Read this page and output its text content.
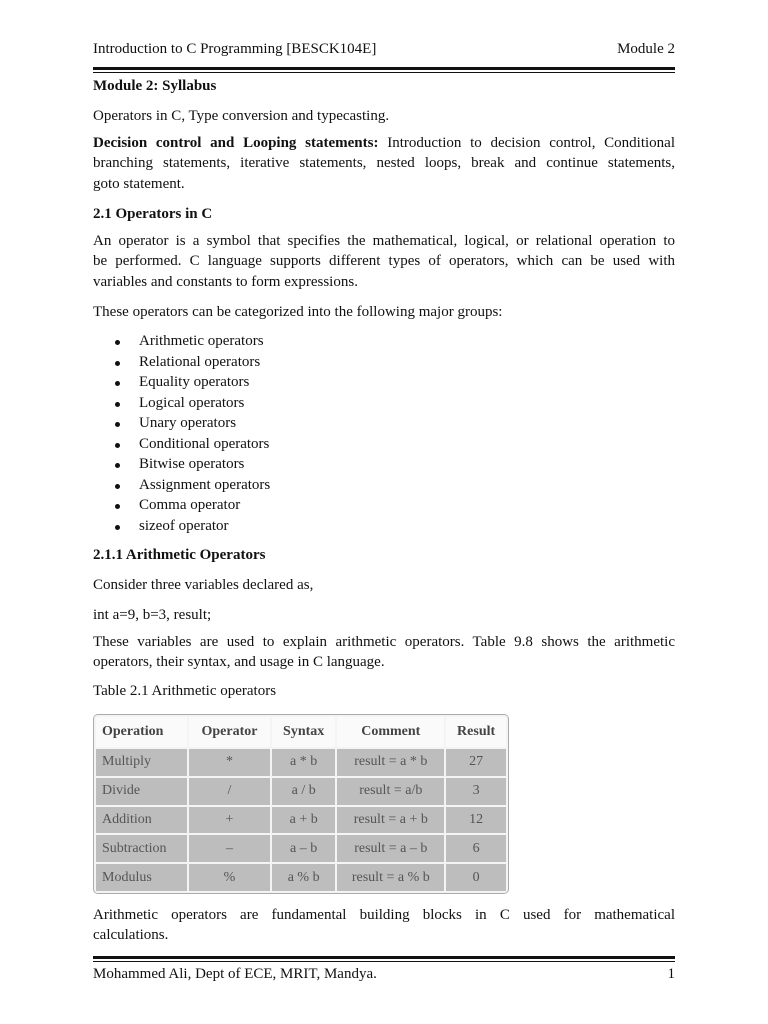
Introduction to C Programming [BESCK104E]	Module 2
Module 2: Syllabus
Operators in C, Type conversion and typecasting.
Decision control and Looping statements: Introduction to decision control, Conditional
branching statements, iterative statements, nested loops, break and continue statements,
goto statement.
2.1 Operators in C
An operator is a symbol that specifies the mathematical, logical, or relational operation to
be performed. C language supports different types of operators, which can be used with
variables and constants to form expressions.
These operators can be categorized into the following major groups:
Arithmetic operators
Relational operators
Equality operators
Logical operators
Unary operators
Conditional operators
Bitwise operators
Assignment operators
Comma operator
sizeof operator
2.1.1 Arithmetic Operators
Consider three variables declared as,
int a=9, b=3, result;
These variables are used to explain arithmetic operators. Table 9.8 shows the arithmetic
operators, their syntax, and usage in C language.
Table 2.1 Arithmetic operators
Operation	Operator	Syntax	Comment	Result
Multiply	*	a * b	result = a * b	27
Divide	/	a / b	result = a/b	3
Addition	+	a + b	result = a + b	12
Subtraction	–	a – b	result = a – b	6
Modulus	%	a % b	result = a % b	0
Arithmetic operators are fundamental building blocks in C used for mathematical
calculations.
Mohammed Ali, Dept of ECE, MRIT, Mandya.	1
